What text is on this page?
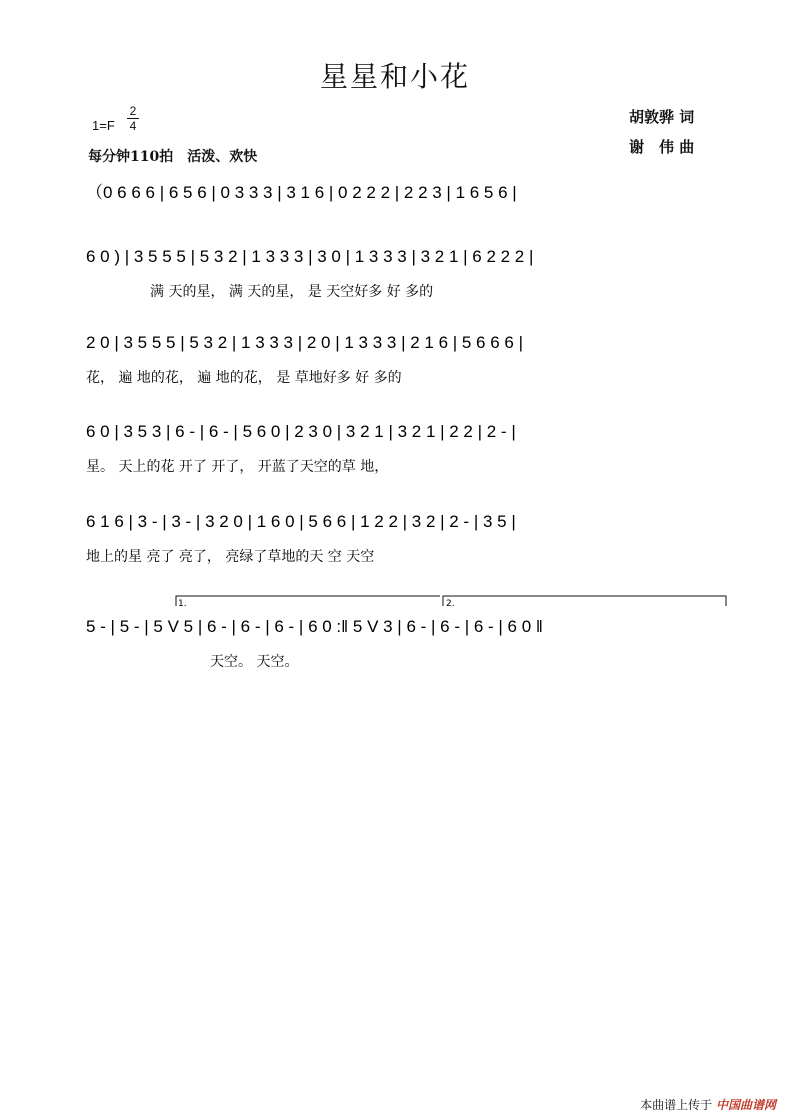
星星和小花
$1=F \frac{2}{4}$
每分钟110拍　活泼、欢快
胡敦骅 词
谢　伟 曲
（0 6 6 6 | 6 5 6 | 0 3 3 3 | 3 1 6 | 0 2 2 2 | 2 2 3 | 1 6 5 6 |
6 0 ) | 3 5 5 5 | 5 3 2 | 1 3 3 3 | 3 0 | 1 3 3 3 | 3 2 1 | 6 2 2 2 |
满 天的星， 满 天的星， 是 天空好多 好 多的
2 0 | 3 5 5 5 | 5 3 2 | 1 3 3 3 | 2 0 | 1 3 3 3 | 2 1 6 | 5 6 6 6 |
花， 遍 地的花， 遍 地的花， 是 草地好多 好 多的
6 0 | 3 5 3 | 6 - | 6 - | 5 6 0 | 2 3 0 | 3 2 1 | 3 2 1 | 2 2 | 2 - |
星。 天上的花 开了 开了， 开蓝了天空的草 地，
6 1 6 | 3 - | 3 - | 3 2 0 | 1 6 0 | 5 6 6 | 1 2 2 | 3 2 | 2 - | 3 5 |
地上的星 亮了 亮了， 亮绿了草地的天 空 天空
1.	2.
5 - | 5 - | 5 V 5 | 6 - | 6 - | 6 - | 6 0 :‖ 5 V 3 | 6 - | 6 - | 6 - | 6 0 ‖
天空。 天空。
本曲谱上传于 中国曲谱网
